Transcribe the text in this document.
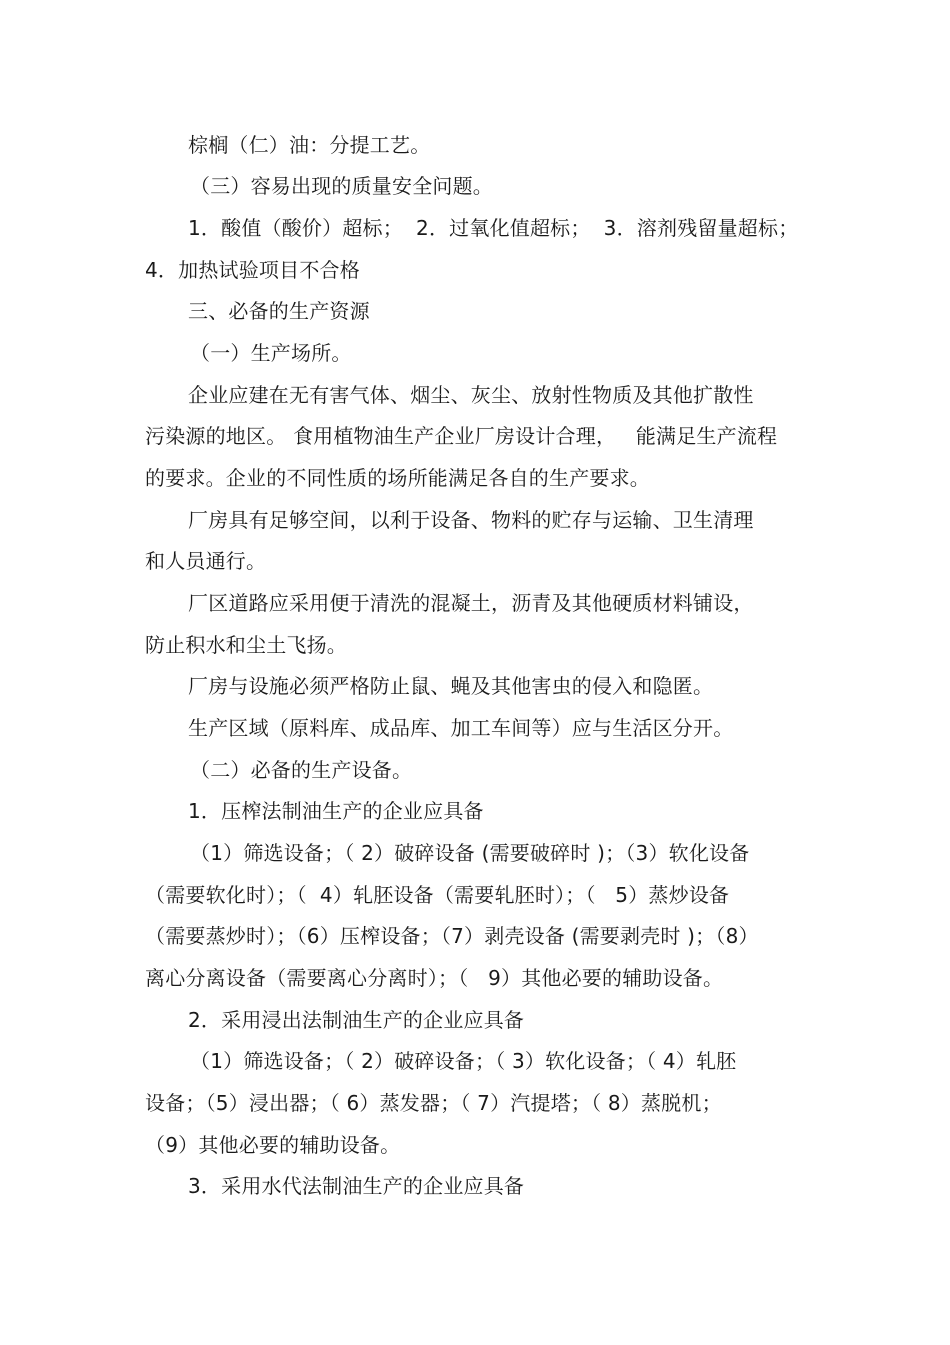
棕榈（仁）油：分提工艺。
（三）容易出现的质量安全问题。
1．酸值（酸价）超标；  2．过氧化值超标；  3．溶剂残留量超标；
4．加热试验项目不合格
三、必备的生产资源
（一）生产场所。
企业应建在无有害气体、烟尘、灰尘、放射性物质及其他扩散性
污染源的地区。 食用植物油生产企业厂房设计合理，   能满足生产流程
的要求。企业的不同性质的场所能满足各自的生产要求。
厂房具有足够空间，以利于设备、物料的贮存与运输、卫生清理
和人员通行。
厂区道路应采用便于清洗的混凝土，沥青及其他硬质材料铺设，
防止积水和尘土飞扬。
厂房与设施必须严格防止鼠、蝇及其他害虫的侵入和隐匿。
生产区域（原料库、成品库、加工车间等）应与生活区分开。
（二）必备的生产设备。
1．压榨法制油生产的企业应具备
（1）筛选设备；（ 2）破碎设备 (需要破碎时 )；（3）软化设备
（需要软化时）；（  4）轧胚设备（需要轧胚时）；（   5）蒸炒设备
（需要蒸炒时）；（6）压榨设备；（7）剥壳设备 (需要剥壳时 )；（8）
离心分离设备（需要离心分离时）；（   9）其他必要的辅助设备。
2．采用浸出法制油生产的企业应具备
（1）筛选设备；（ 2）破碎设备；（ 3）软化设备；（ 4）轧胚
设备；（5）浸出器；（ 6）蒸发器；（ 7）汽提塔；（ 8）蒸脱机；
（9）其他必要的辅助设备。
3．采用水代法制油生产的企业应具备
